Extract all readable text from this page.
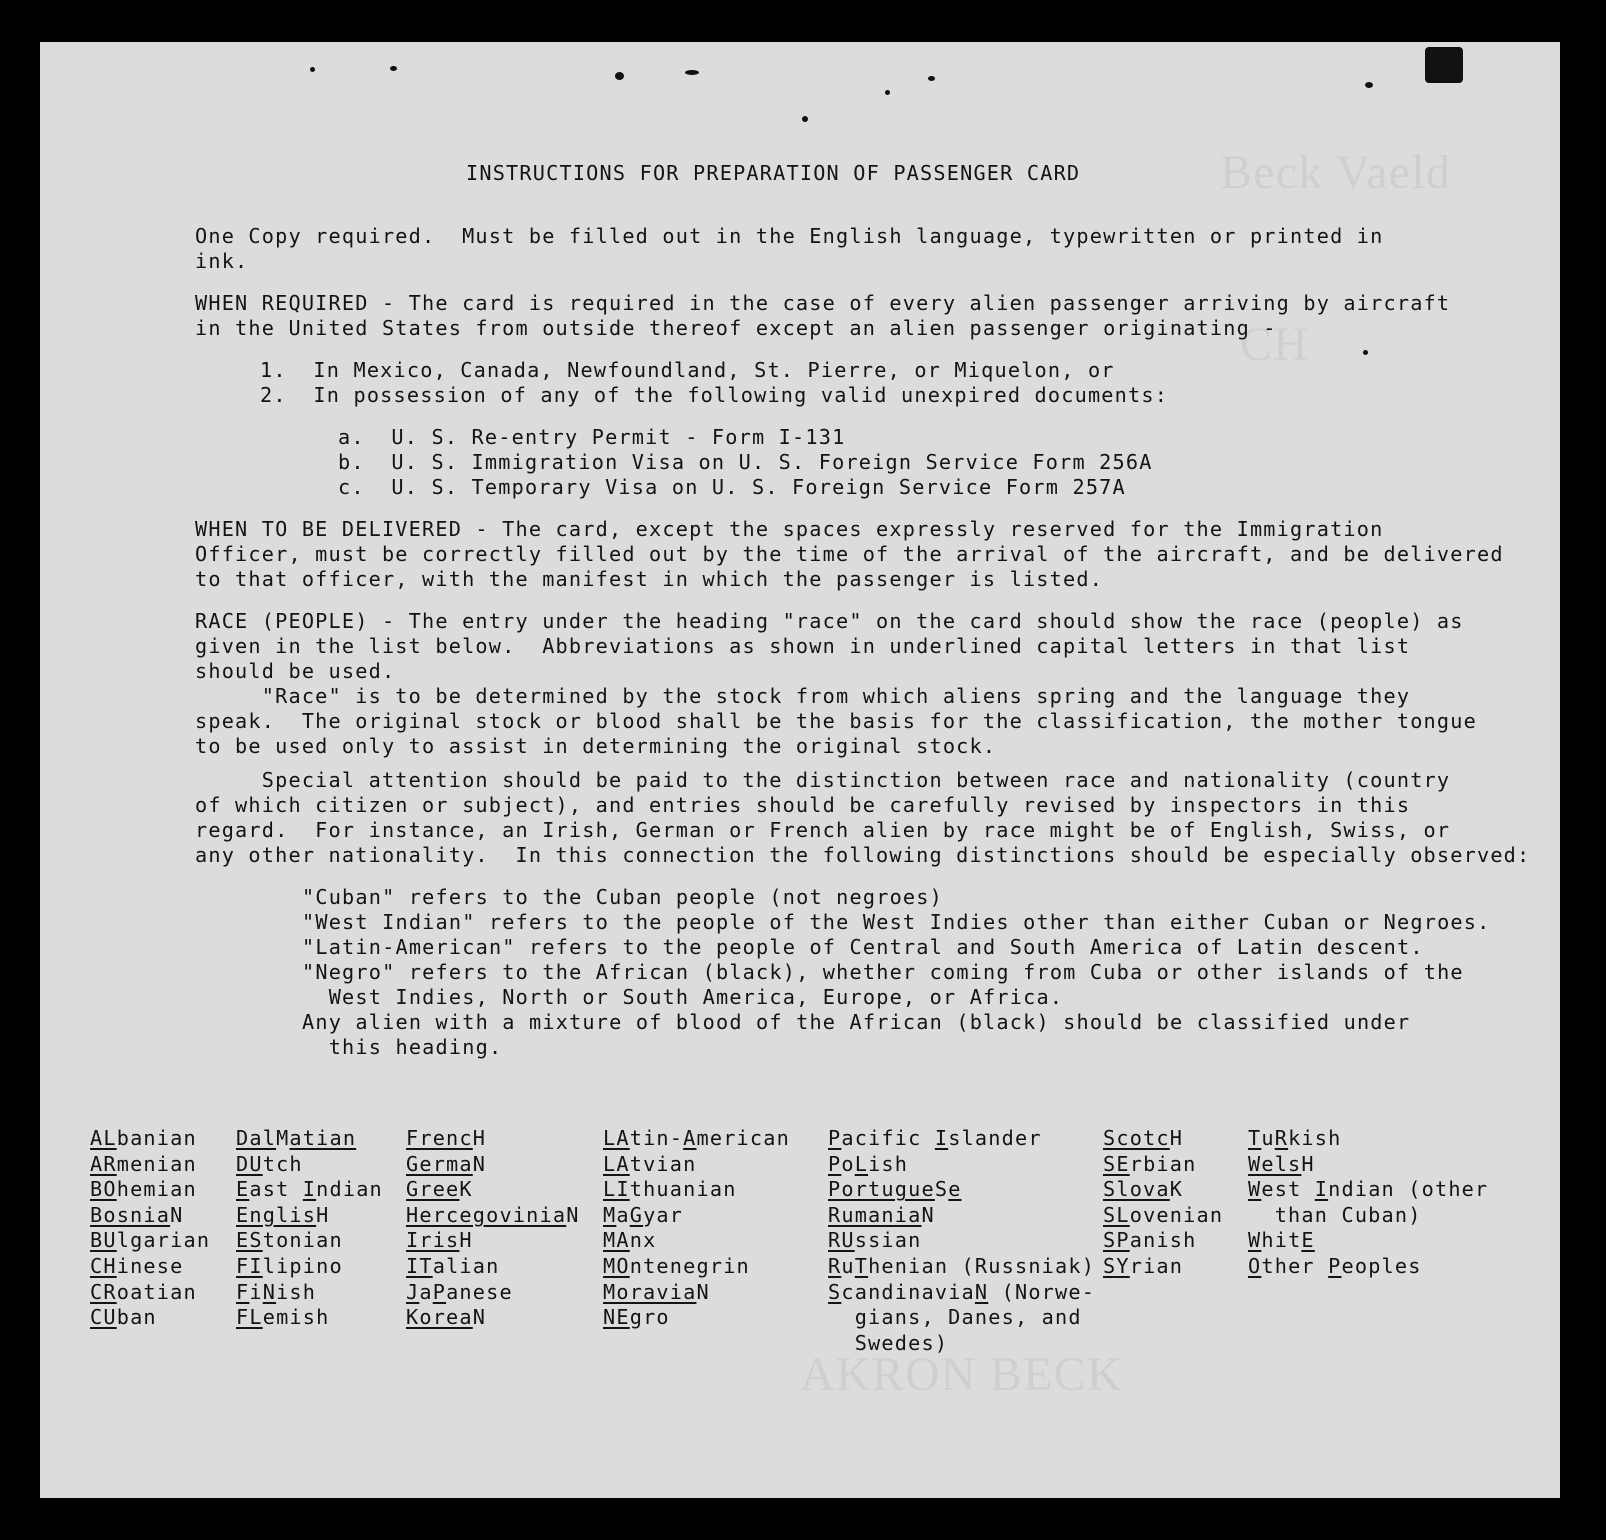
Beck Vaeld
CH
AKRON BECK
INSTRUCTIONS FOR PREPARATION OF PASSENGER CARD
One Copy required.  Must be filled out in the English language, typewritten or printed in
ink.
WHEN REQUIRED - The card is required in the case of every alien passenger arriving by aircraft
in the United States from outside thereof except an alien passenger originating -
1.  In Mexico, Canada, Newfoundland, St. Pierre, or Miquelon, or
2.  In possession of any of the following valid unexpired documents:
a.  U. S. Re-entry Permit - Form I-131
b.  U. S. Immigration Visa on U. S. Foreign Service Form 256A
c.  U. S. Temporary Visa on U. S. Foreign Service Form 257A
WHEN TO BE DELIVERED - The card, except the spaces expressly reserved for the Immigration
Officer, must be correctly filled out by the time of the arrival of the aircraft, and be delivered
to that officer, with the manifest in which the passenger is listed.
RACE (PEOPLE) - The entry under the heading "race" on the card should show the race (people) as
given in the list below.  Abbreviations as shown in underlined capital letters in that list
should be used.
"Race" is to be determined by the stock from which aliens spring and the language they
speak.  The original stock or blood shall be the basis for the classification, the mother tongue
to be used only to assist in determining the original stock.
Special attention should be paid to the distinction between race and nationality (country
of which citizen or subject), and entries should be carefully revised by inspectors in this
regard.  For instance, an Irish, German or French alien by race might be of English, Swiss, or
any other nationality.  In this connection the following distinctions should be especially observed:
"Cuban" refers to the Cuban people (not negroes)
"West Indian" refers to the people of the West Indies other than either Cuban or Negroes.
"Latin-American" refers to the people of Central and South America of Latin descent.
"Negro" refers to the African (black), whether coming from Cuba or other islands of the
West Indies, North or South America, Europe, or Africa.
Any alien with a mixture of blood of the African (black) should be classified under
this heading.
ALbanian
ARmenian
BOhemian
BosniaN
BUlgarian
CHinese
CRoatian
CUban
DalMatian
DUtch
East Indian
EnglisH
EStonian
FIlipino
FiNish
FLemish
FrencH
GermaN
GreeK
HercegoviniaN
IrisH
ITalian
JaPanese
KoreaN
LAtin-American
LAtvian
LIthuanian
MaGyar
MAnx
MOntenegrin
MoraviaN
NEgro
Pacific Islander
PoLish
PortugueSe
RumaniaN
RUssian
RuThenian (Russniak)
ScandinaviaN (Norwe-
gians, Danes, and
Swedes)
ScotcH
SErbian
SlovaK
SLovenian
SPanish
SYrian
TuRkish
WelsH
West Indian (other
than Cuban)
WhitE
Other Peoples
